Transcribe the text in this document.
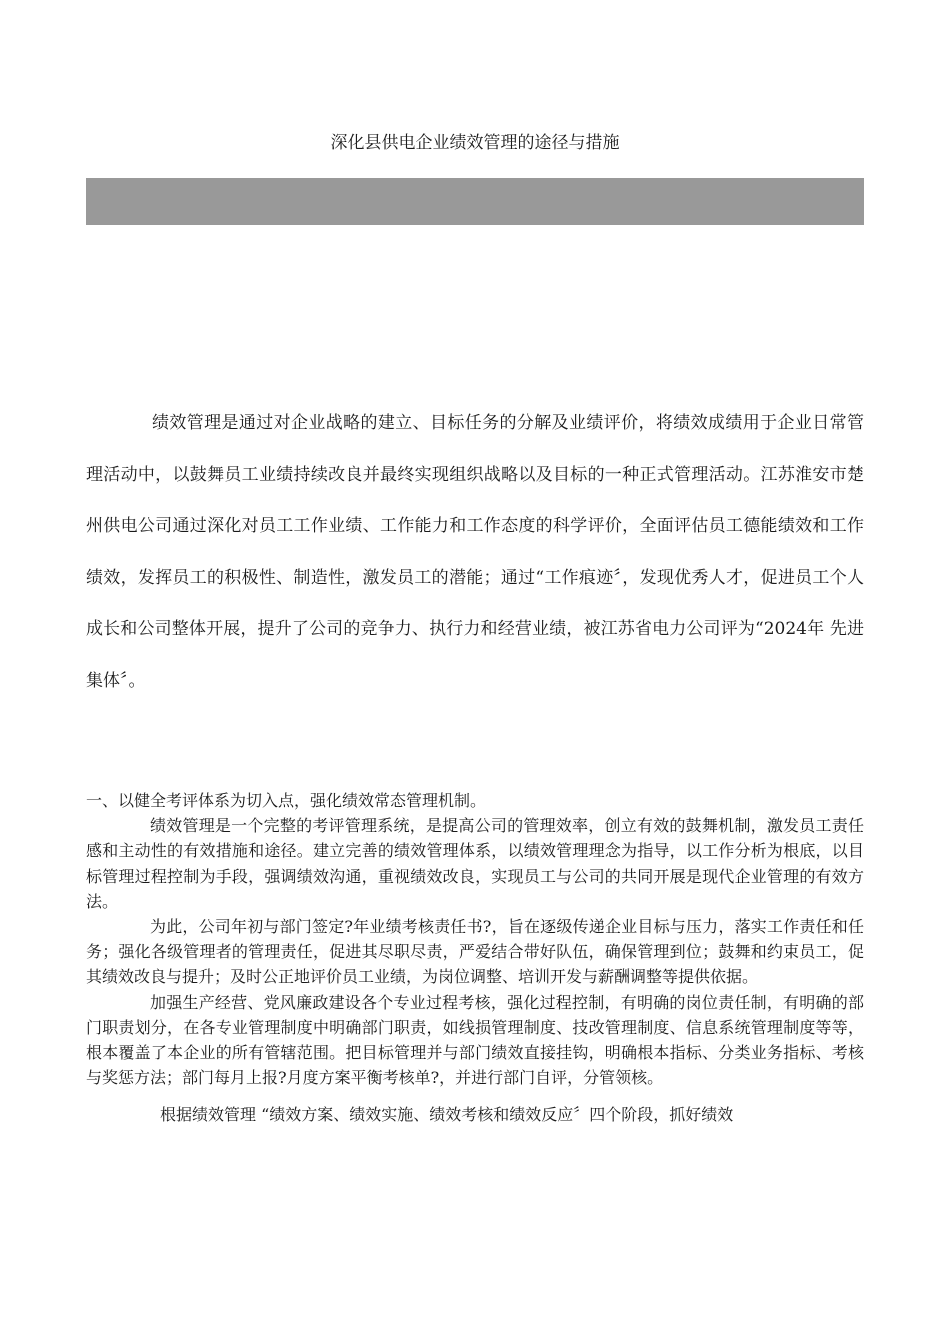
深化县供电企业绩效管理的途径与措施

绩效管理是通过对企业战略的建立、目标任务的分解及业绩评价，将绩效成绩用于企业日常管理活动中，以鼓舞员工业绩持续改良并最终实现组织战略以及目标的一种正式管理活动。江苏淮安市楚州供电公司通过深化对员工工作业绩、工作能力和工作态度的科学评价，全面评估员工德能绩效和工作绩效，发挥员工的积极性、制造性，激发员工的潜能；通过“工作痕迹〞，发现优秀人才，促进员工个人成长和公司整体开展，提升了公司的竞争力、执行力和经营业绩，被江苏省电力公司评为“2024年 先进集体〞。

一、以健全考评体系为切入点，强化绩效常态管理机制。

绩效管理是一个完整的考评管理系统，是提高公司的管理效率，创立有效的鼓舞机制，激发员工责任感和主动性的有效措施和途径。建立完善的绩效管理体系，以绩效管理理念为指导，以工作分析为根底，以目标管理过程控制为手段，强调绩效沟通，重视绩效改良，实现员工与公司的共同开展是现代企业管理的有效方法。

为此，公司年初与部门签定?年业绩考核责任书?，旨在逐级传递企业目标与压力，落实工作责任和任务；强化各级管理者的管理责任，促进其尽职尽责，严爱结合带好队伍，确保管理到位；鼓舞和约束员工，促其绩效改良与提升；及时公正地评价员工业绩，为岗位调整、培训开发与薪酬调整等提供依据。

加强生产经营、党风廉政建设各个专业过程考核，强化过程控制，有明确的岗位责任制，有明确的部门职责划分，在各专业管理制度中明确部门职责，如线损管理制度、技改管理制度、信息系统管理制度等等，根本覆盖了本企业的所有管辖范围。把目标管理并与部门绩效直接挂钩，明确根本指标、分类业务指标、考核与奖惩方法；部门每月上报?月度方案平衡考核单?，并进行部门自评，分管领核。

根据绩效管理 “绩效方案、绩效实施、绩效考核和绩效反应〞四个阶段，抓好绩效
